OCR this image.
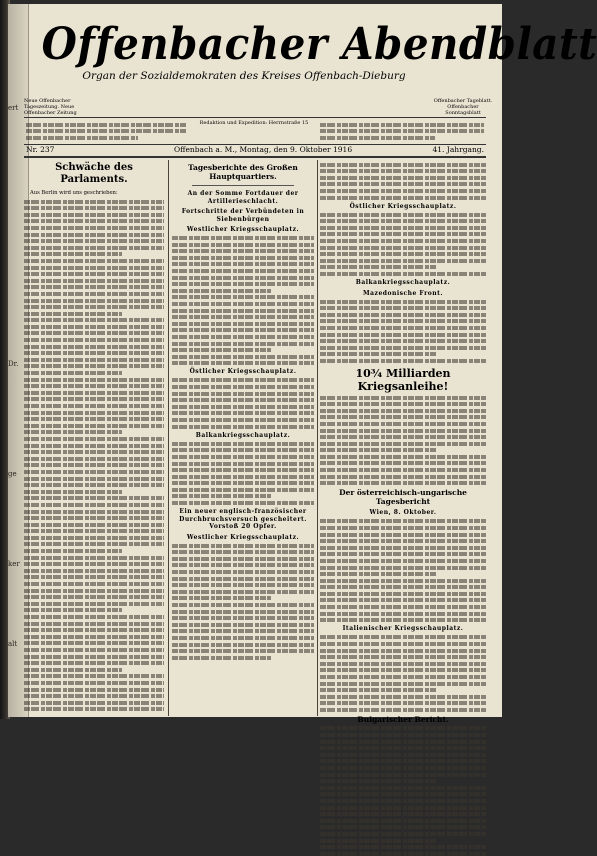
ert
Dr.
ge
ker
alt
Offenbacher Abendblatt
Organ der Sozialdemokraten des Kreises Offenbach-Dieburg
Neue Offenbacher Tageszeitung. Neue Offenbacher Zeitung
Offenbacher Tageblatt. Offenbacher Sonntagsblatt
Redaktion und Expedition: Herrnstraße 15
Nr. 237	Offenbach a. M., Montag, den 9. Oktober 1916	41. Jahrgang.
Schwäche des Parlaments.
Aus Berlin wird uns geschrieben:
Tagesberichte des Großen Hauptquartiers.
An der Somme Fortdauer der Artillerieschlacht.
Fortschritte der Verbündeten in Siebenbürgen
Westlicher Kriegsschauplatz.
Östlicher Kriegsschauplatz.
Balkankriegsschauplatz.
Ein neuer englisch-französischer Durchbruchsversuch gescheitert. Vorstoß 20 Opfer.
Westlicher Kriegsschauplatz.
Östlicher Kriegsschauplatz.
Balkankriegsschauplatz.
Mazedonische Front.
10¾ Milliarden Kriegsanleihe!
Der österreichisch-ungarische Tagesbericht
Wien, 8. Oktober.
Italienischer Kriegsschauplatz.
Bulgarischer Bericht.
